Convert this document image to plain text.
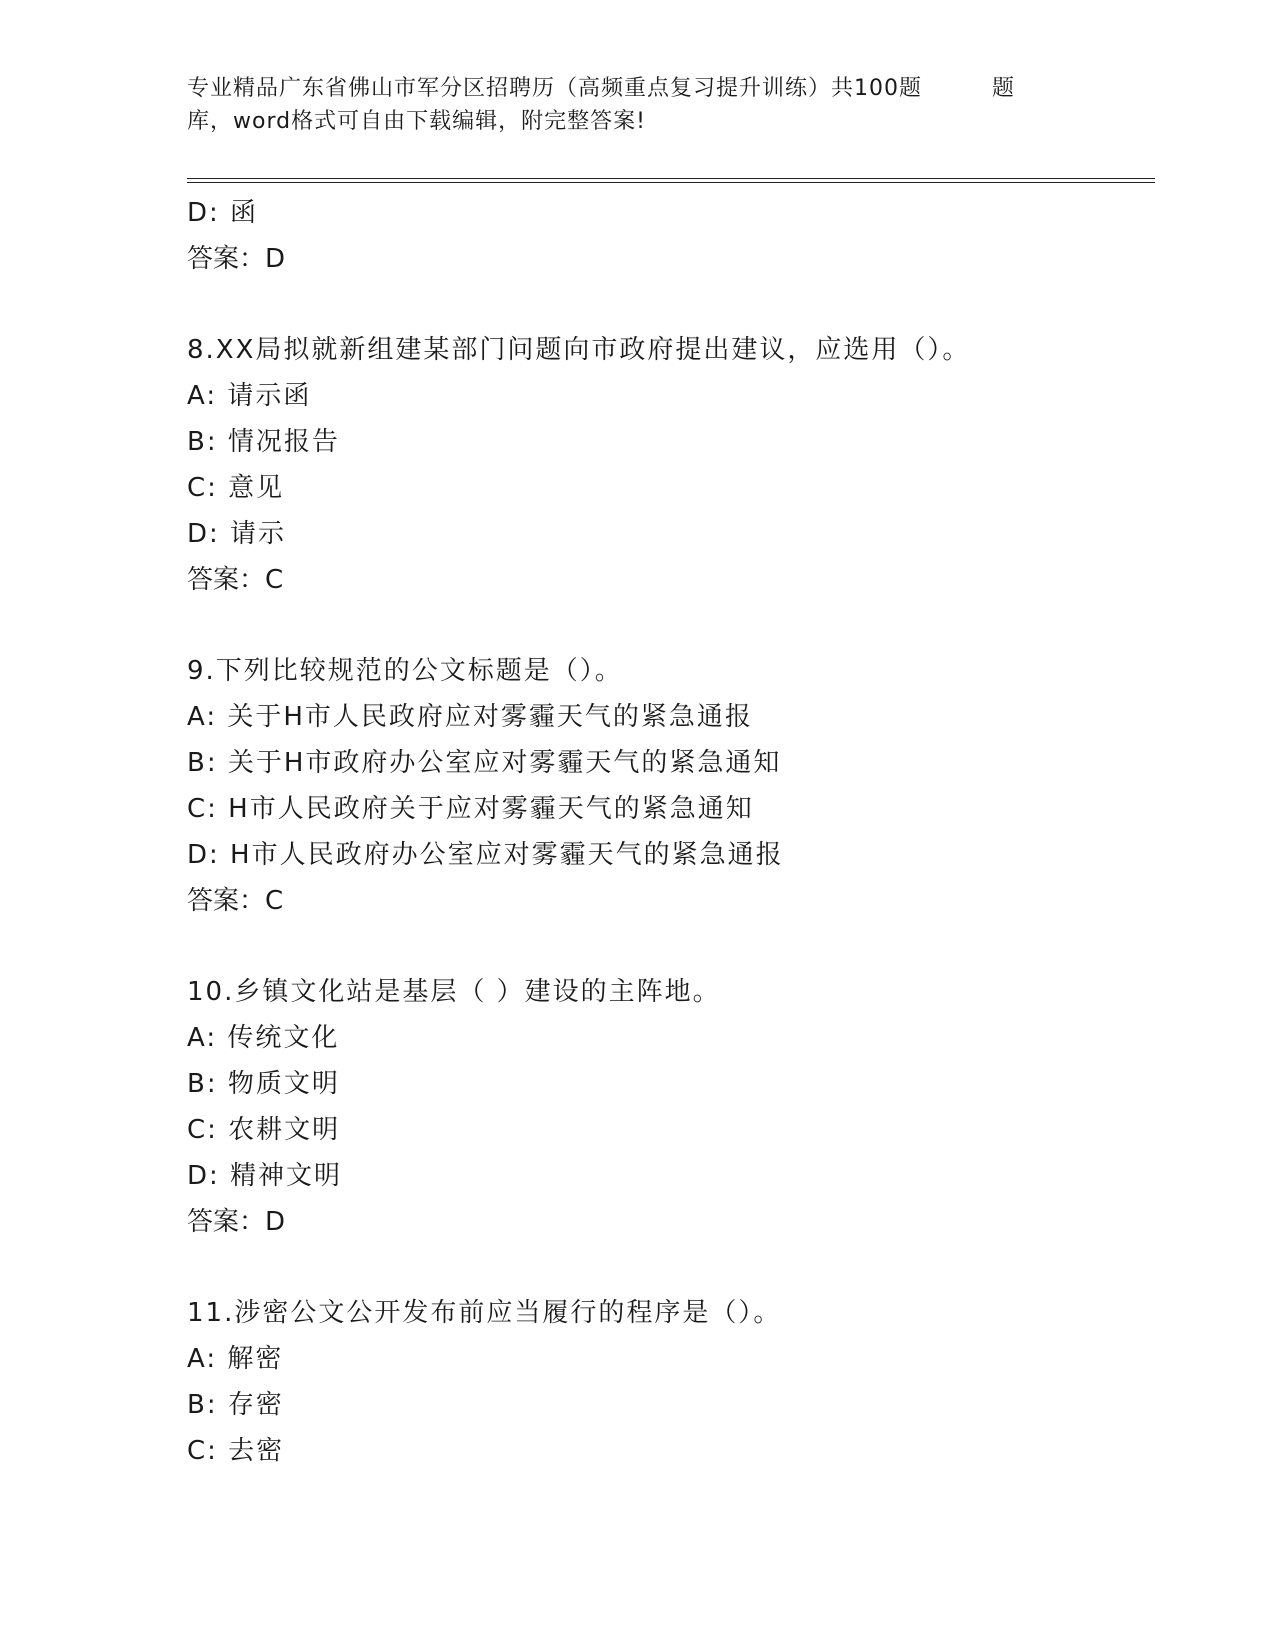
专业精品广东省佛山市军分区招聘历（高频重点复习提升训练）共100题	题
库，word格式可自由下载编辑，附完整答案!
D: 函
答案：D
8.XX局拟就新组建某部门问题向市政府提出建议，应选用（）。
A: 请示函
B: 情况报告
C: 意见
D: 请示
答案：C
9.下列比较规范的公文标题是（）。
A: 关于H市人民政府应对雾霾天气的紧急通报
B: 关于H市政府办公室应对雾霾天气的紧急通知
C: H市人民政府关于应对雾霾天气的紧急通知
D: H市人民政府办公室应对雾霾天气的紧急通报
答案：C
10.乡镇文化站是基层（ ）建设的主阵地。
A: 传统文化
B: 物质文明
C: 农耕文明
D: 精神文明
答案：D
11.涉密公文公开发布前应当履行的程序是（）。
A: 解密
B: 存密
C: 去密
